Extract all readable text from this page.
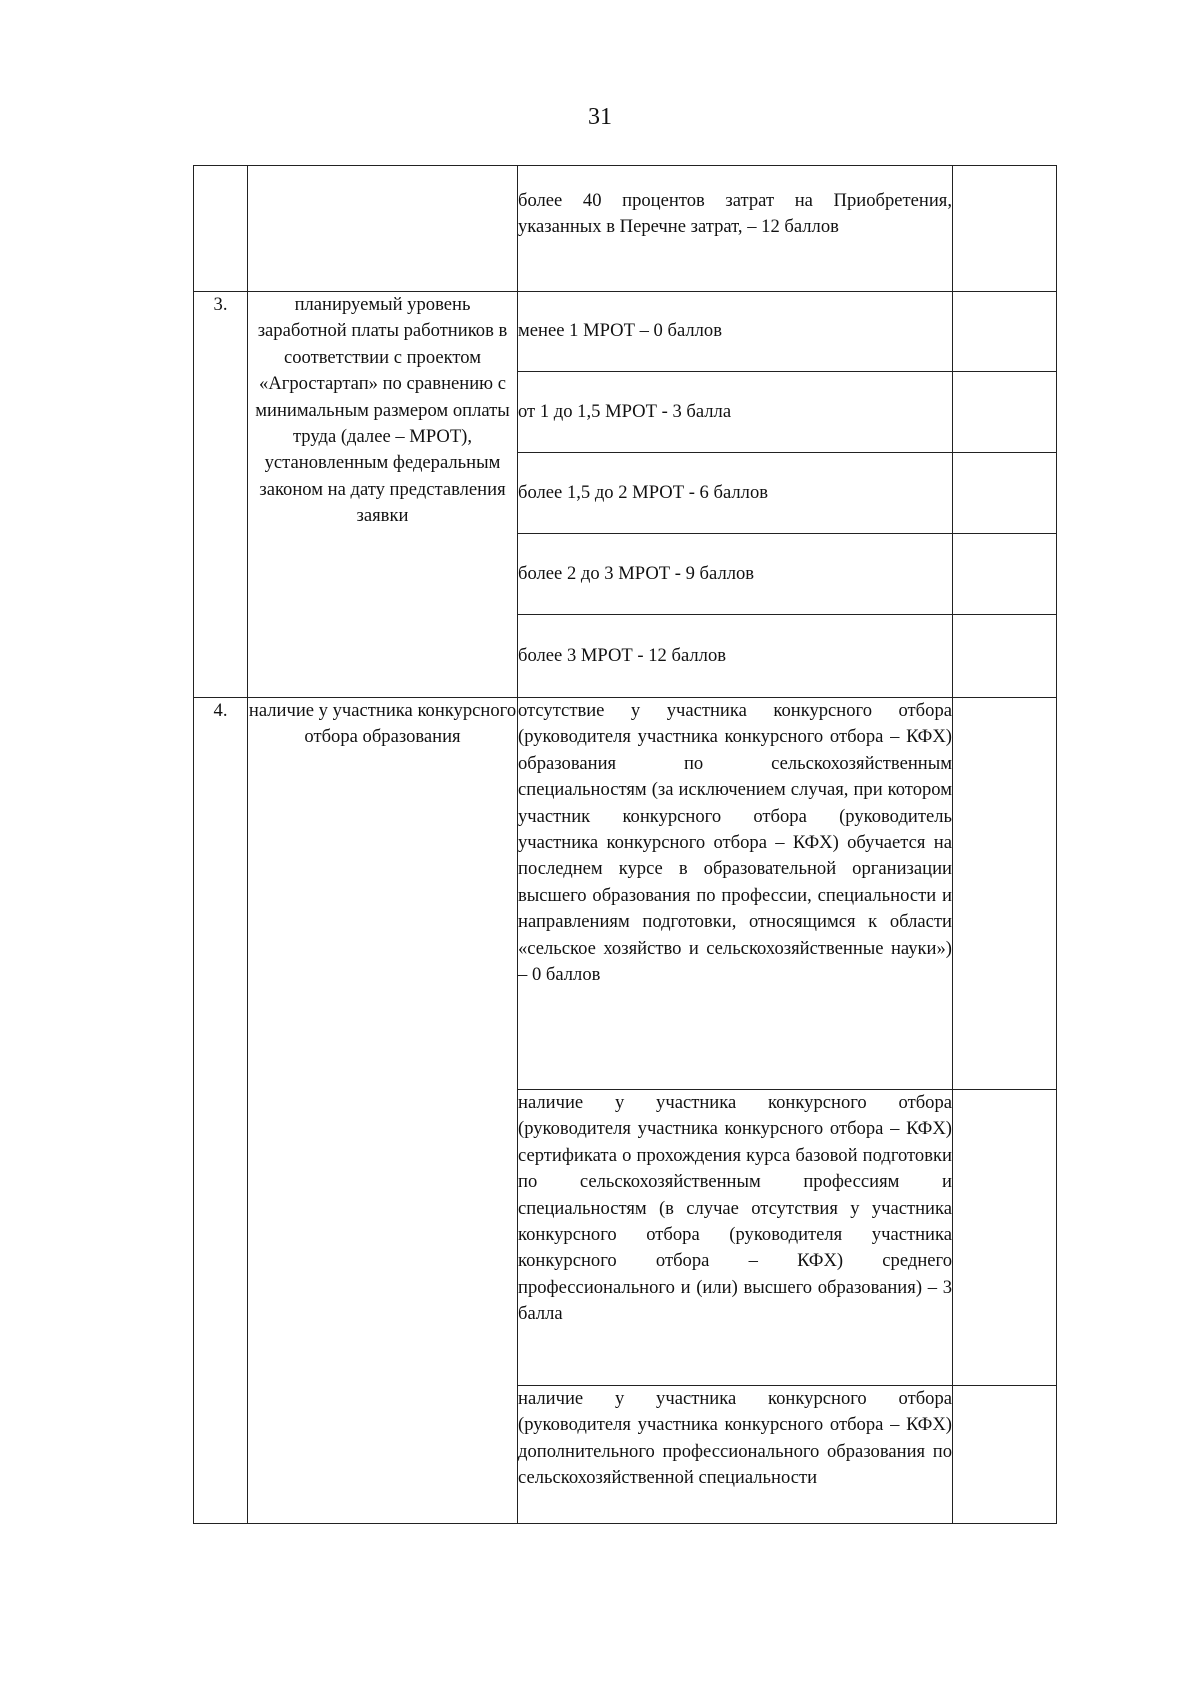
31
		более 40 процентов затрат на Приобретения, указанных в Перечне затрат, – 12 баллов	
3.	планируемый уровень заработной платы работников в соответствии с проектом «Агростартап» по сравнению с минимальным размером оплаты труда (далее – МРОТ), установленным федеральным законом на дату представления заявки	менее 1 МРОТ – 0 баллов	
		от 1 до 1,5 МРОТ - 3 балла	
		более 1,5 до 2 МРОТ - 6 баллов	
		более 2 до 3 МРОТ - 9 баллов	
		более 3 МРОТ - 12 баллов	
4.	наличие у участника конкурсного отбора образования	отсутствие у участника конкурсного отбора (руководителя участника конкурсного отбора – КФХ) образования по сельскохозяйственным специальностям (за исключением случая, при котором участник конкурсного отбора (руководитель участника конкурсного отбора – КФХ) обучается на последнем курсе в образовательной организации высшего образования по профессии, специальности и направлениям подготовки, относящимся к области «сельское хозяйство и сельскохозяйственные науки») – 0 баллов	
		наличие у участника конкурсного отбора (руководителя участника конкурсного отбора – КФХ) сертификата о прохождения курса базовой подготовки по сельскохозяйственным профессиям и специальностям (в случае отсутствия у участника конкурсного отбора (руководителя участника конкурсного отбора – КФХ) среднего профессионального и (или) высшего образования) – 3 балла	
		наличие у участника конкурсного отбора (руководителя участника конкурсного отбора – КФХ) дополнительного профессионального образования по сельскохозяйственной специальности	
